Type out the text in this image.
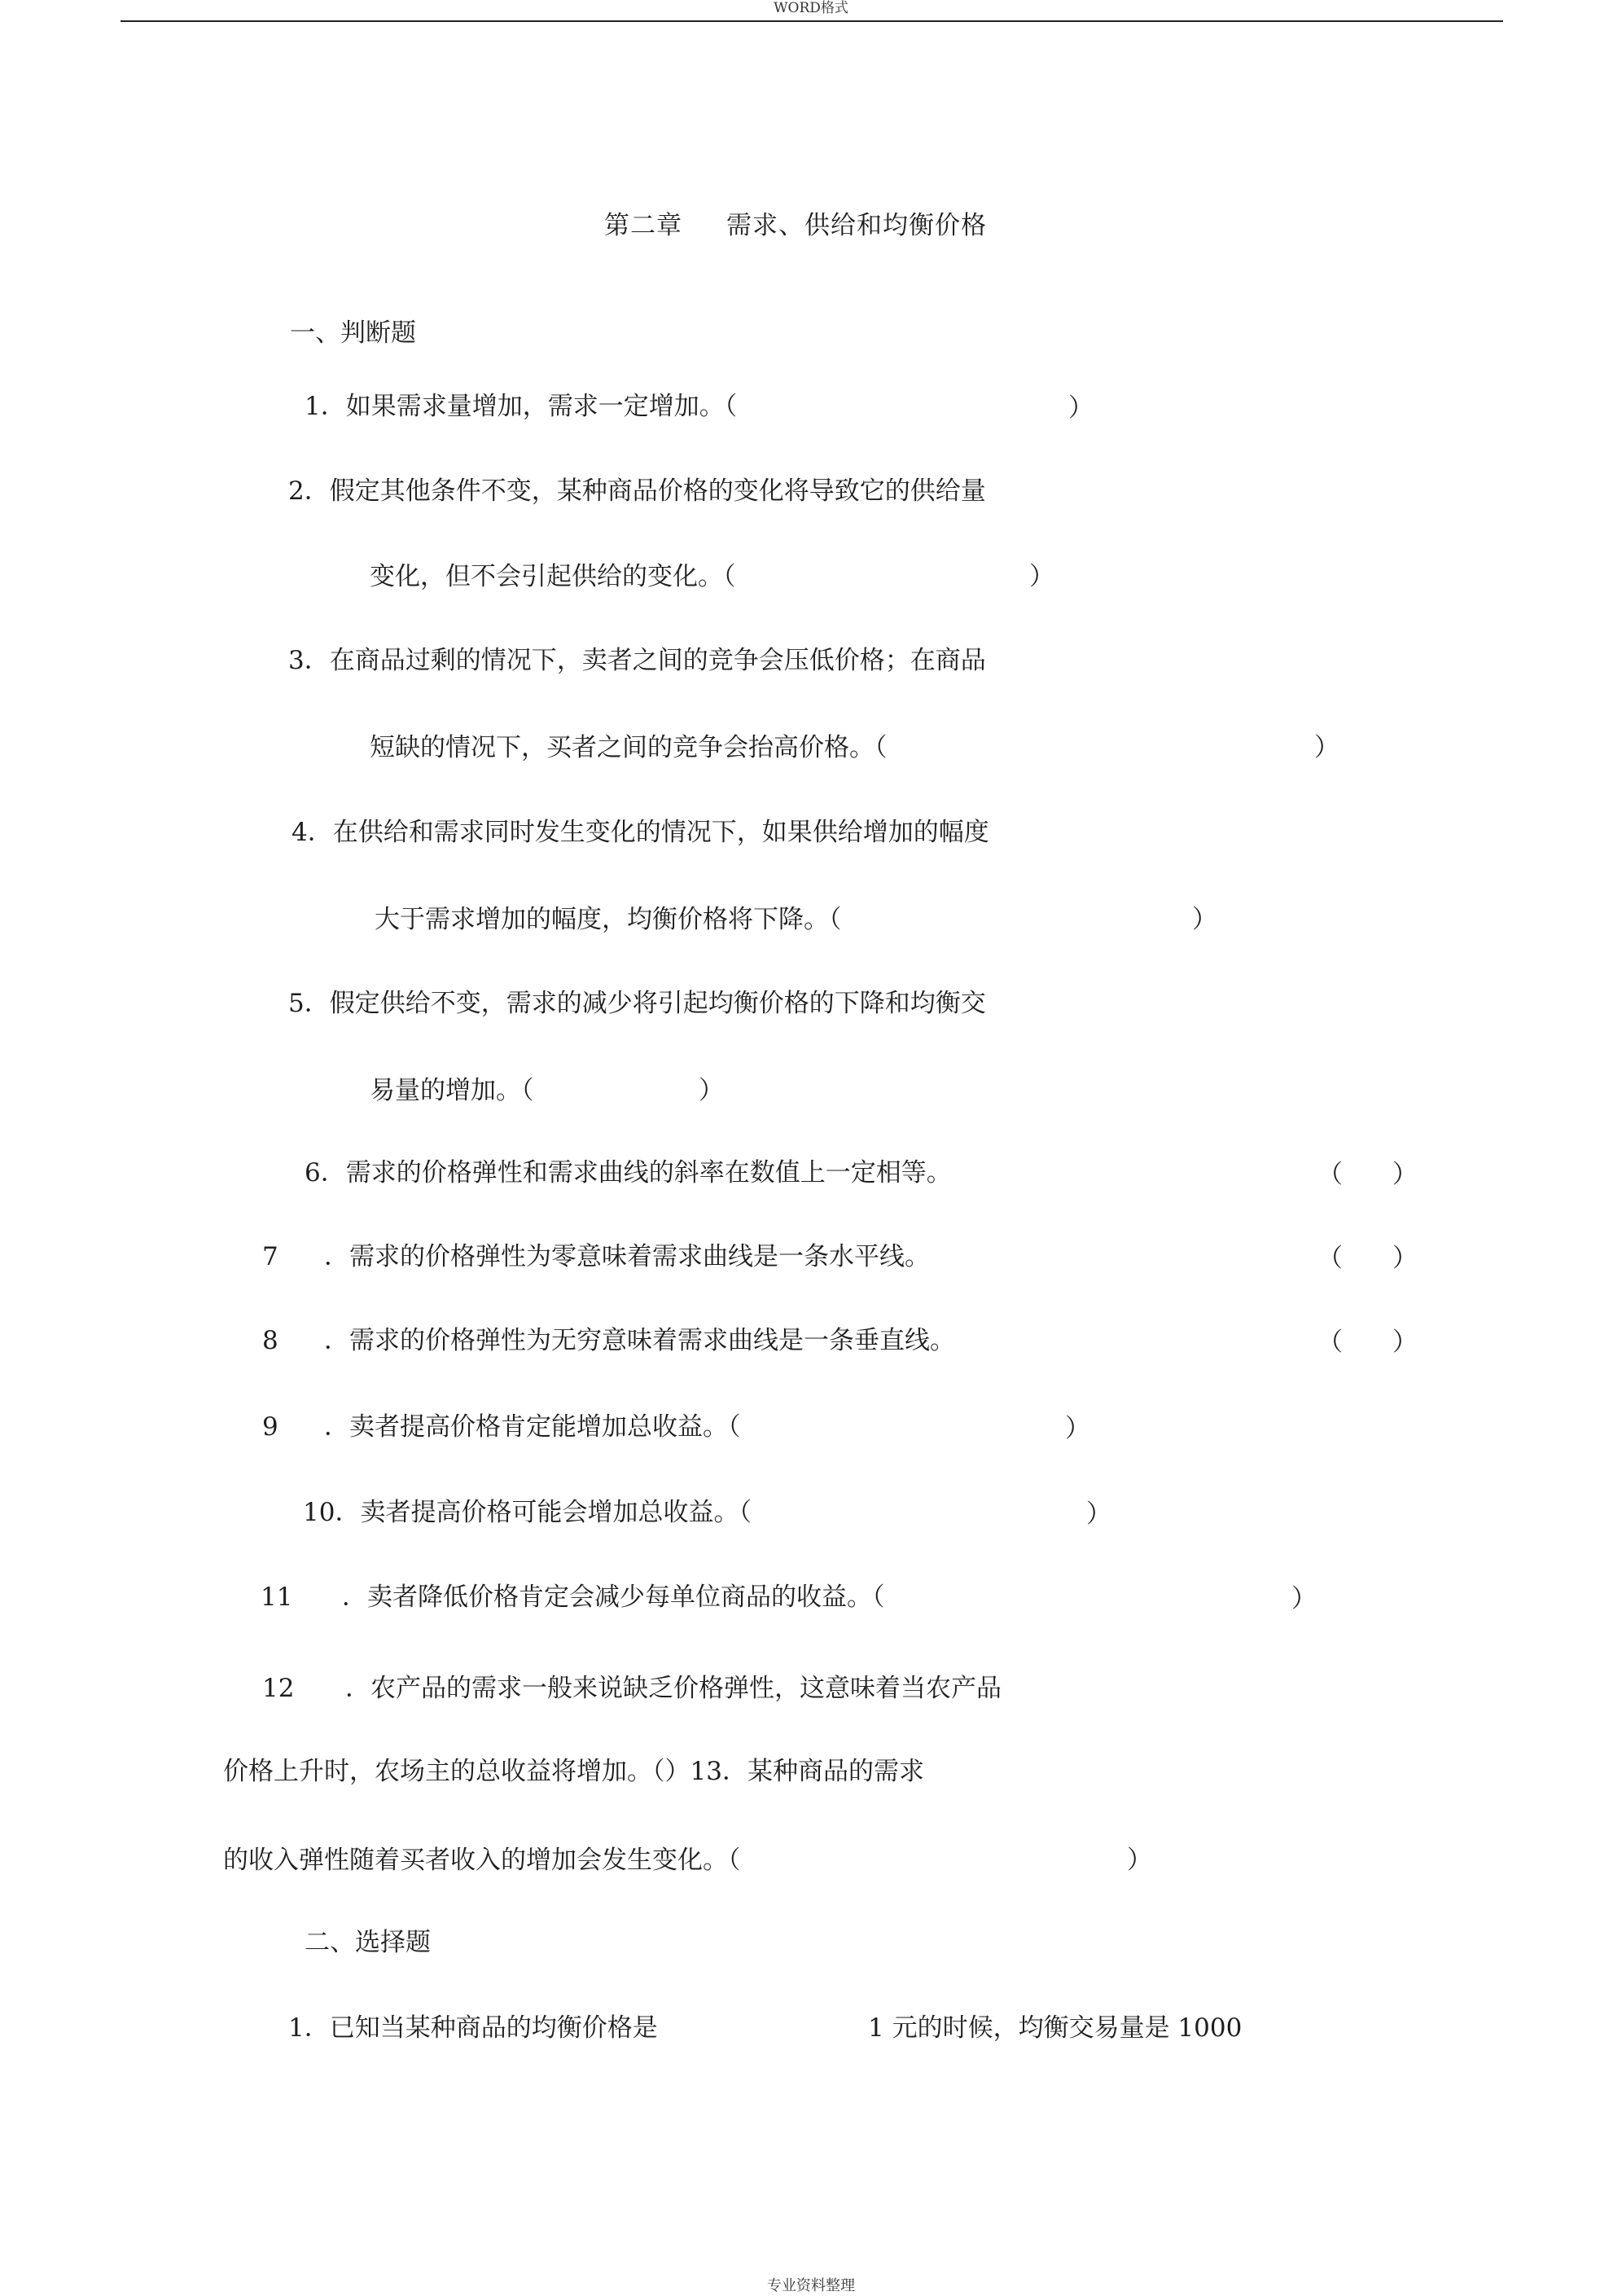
WORD格式
第二章 需求、供给和均衡价格
一、判断题
1．如果需求量增加，需求一定增加。（	）
2．假定其他条件不变，某种商品价格的变化将导致它的供给量
变化，但不会引起供给的变化。（	）
3．在商品过剩的情况下，卖者之间的竞争会压低价格；在商品
短缺的情况下，买者之间的竞争会抬高价格。（	）
4．在供给和需求同时发生变化的情况下，如果供给增加的幅度
大于需求增加的幅度，均衡价格将下降。（	）
5．假定供给不变，需求的减少将引起均衡价格的下降和均衡交
易量的增加。（	）
6．需求的价格弹性和需求曲线的斜率在数值上一定相等。	（ ）
7 ．需求的价格弹性为零意味着需求曲线是一条水平线。	（ ）
8 ．需求的价格弹性为无穷意味着需求曲线是一条垂直线。	（ ）
9 ．卖者提高价格肯定能增加总收益。（	）
10．卖者提高价格可能会增加总收益。（	）
11 ．卖者降低价格肯定会减少每单位商品的收益。（	）
12 ．农产品的需求一般来说缺乏价格弹性，这意味着当农产品
价格上升时，农场主的总收益将增加。（）13．某种商品的需求
的收入弹性随着买者收入的增加会发生变化。（	）
二、选择题
1．已知当某种商品的均衡价格是	1 元的时候，均衡交易量是 1000
专业资料整理
